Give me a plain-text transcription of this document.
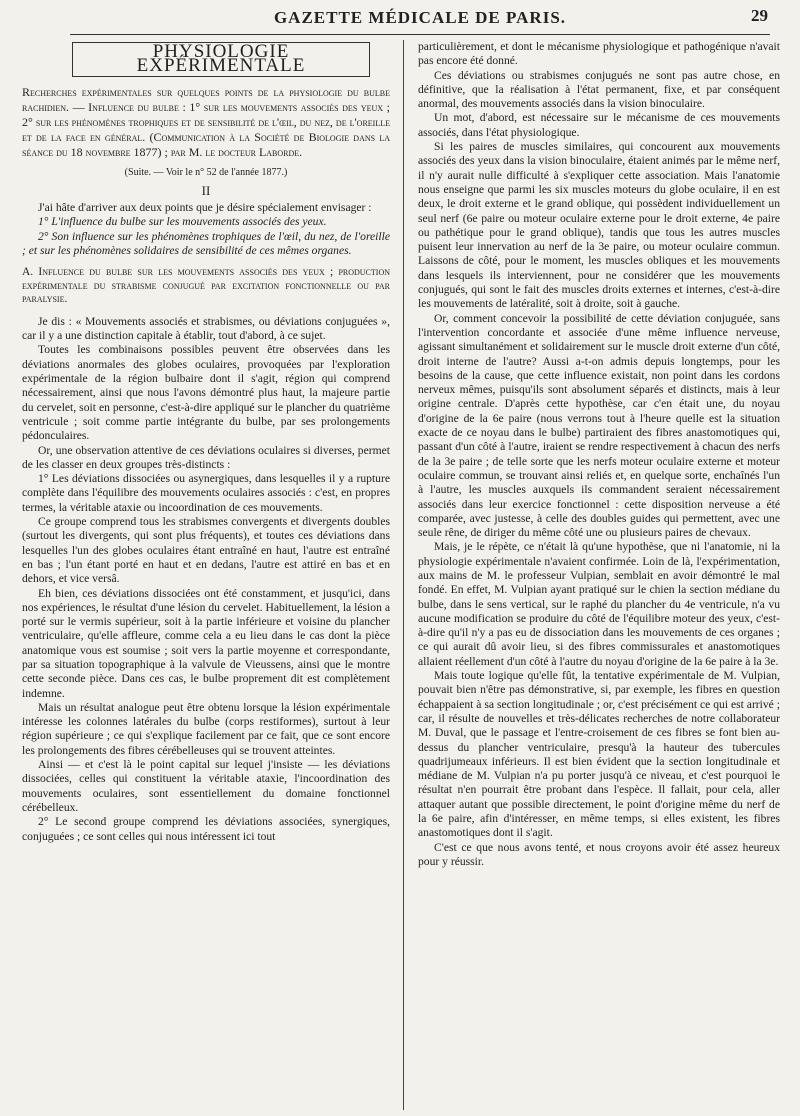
GAZETTE MÉDICALE DE PARIS.	29
PHYSIOLOGIE EXPÉRIMENTALE

Recherches expérimentales sur quelques points de la physiologie du bulbe rachidien. — Influence du bulbe : 1° sur les mouvements associés des yeux ; 2° sur les phénomènes trophiques et de sensibilité de l'œil, du nez, de l'oreille et de la face en général. (Communication à la Société de Biologie dans la séance du 18 novembre 1877) ; par M. le docteur Laborde.

(Suite. — Voir le n° 52 de l'année 1877.)

II

J'ai hâte d'arriver aux deux points que je désire spécialement envisager :

1° L'influence du bulbe sur les mouvements associés des yeux.

2° Son influence sur les phénomènes trophiques de l'œil, du nez, de l'oreille ; et sur les phénomènes solidaires de sensibilité de ces mêmes organes.

A. Influence du bulbe sur les mouvements associés des yeux ; production expérimentale du strabisme conjugué par excitation fonctionnelle ou par paralysie.

Je dis : « Mouvements associés et strabismes, ou déviations conjuguées », car il y a une distinction capitale à établir, tout d'abord, à ce sujet.

Toutes les combinaisons possibles peuvent être observées dans les déviations anormales des globes oculaires, provoquées par l'exploration expérimentale de la région bulbaire dont il s'agit, région qui comprend nécessairement, ainsi que nous l'avons démontré plus haut, la majeure partie du cervelet, soit en personne, c'est-à-dire appliqué sur le plancher du quatrième ventricule ; soit comme partie intégrante du bulbe, par ses prolongements pédonculaires.

Or, une observation attentive de ces déviations oculaires si diverses, permet de les classer en deux groupes très-distincts :

1° Les déviations dissociées ou asynergiques, dans lesquelles il y a rupture complète dans l'équilibre des mouvements oculaires associés : c'est, en propres termes, la véritable ataxie ou incoordination de ces mouvements.

Ce groupe comprend tous les strabismes convergents et divergents doubles (surtout les divergents, qui sont plus fréquents), et toutes ces déviations dans lesquelles l'un des globes oculaires étant entraîné en haut, l'autre est entraîné en bas ; l'un étant porté en haut et en dedans, l'autre est attiré en bas et en dehors, et vice versâ.

Eh bien, ces déviations dissociées ont été constamment, et jusqu'ici, dans nos expériences, le résultat d'une lésion du cervelet. Habituellement, la lésion a porté sur le vermis supérieur, soit à la partie inférieure et voisine du plancher ventriculaire, qu'elle affleure, comme cela a eu lieu dans le cas dont la pièce anatomique vous est soumise ; soit vers la partie moyenne et correspondante, par sa situation topographique à la valvule de Vieussens, ainsi que le montre cette seconde pièce. Dans ces cas, le bulbe proprement dit est complètement indemne.

Mais un résultat analogue peut être obtenu lorsque la lésion expérimentale intéresse les colonnes latérales du bulbe (corps restiformes), surtout à leur région supérieure ; ce qui s'explique facilement par ce fait, que ce sont encore les prolongements des fibres cérébelleuses qui se trouvent atteintes.

Ainsi — et c'est là le point capital sur lequel j'insiste — les déviations dissociées, celles qui constituent la véritable ataxie, l'incoordination des mouvements oculaires, sont essentiellement du domaine fonctionnel cérébelleux.

2° Le second groupe comprend les déviations associées, synergiques, conjuguées ; ce sont celles qui nous intéressent ici tout

particulièrement, et dont le mécanisme physiologique et pathogénique n'avait pas encore été donné.

Ces déviations ou strabismes conjugués ne sont pas autre chose, en définitive, que la réalisation à l'état permanent, fixe, et par conséquent anormal, des mouvements associés dans la vision binoculaire.

Un mot, d'abord, est nécessaire sur le mécanisme de ces mouvements associés, dans l'état physiologique.

Si les paires de muscles similaires, qui concourent aux mouvements associés des yeux dans la vision binoculaire, étaient animés par le même nerf, il n'y aurait nulle difficulté à s'expliquer cette association. Mais l'anatomie nous enseigne que parmi les six muscles moteurs du globe oculaire, il en est deux, le droit externe et le grand oblique, qui possèdent individuellement un seul nerf (6e paire ou moteur oculaire externe pour le droit externe, 4e paire ou pathétique pour le grand oblique), tandis que tous les autres muscles puisent leur innervation au nerf de la 3e paire, ou moteur oculaire commun. Laissons de côté, pour le moment, les muscles obliques et les mouvements dans lesquels ils interviennent, pour ne considérer que les mouvements conjugués, qui sont le fait des muscles droits externes et internes, c'est-à-dire les mouvements de latéralité, soit à droite, soit à gauche.

Or, comment concevoir la possibilité de cette déviation conjuguée, sans l'intervention concordante et associée d'une même influence nerveuse, agissant simultanément et solidairement sur le muscle droit externe d'un côté, droit interne de l'autre? Aussi a-t-on admis depuis longtemps, pour les besoins de la cause, que cette influence existait, non point dans les cordons nerveux mêmes, puisqu'ils sont absolument séparés et distincts, mais à leur origine centrale. D'après cette hypothèse, car c'en était une, du noyau d'origine de la 6e paire (nous verrons tout à l'heure quelle est la situation exacte de ce noyau dans le bulbe) partiraient des fibres anastomotiques qui, passant d'un côté à l'autre, iraient se rendre respectivement à chacun des nerfs de la 3e paire ; de telle sorte que les nerfs moteur oculaire externe et moteur oculaire commun, se trouvant ainsi reliés et, en quelque sorte, enchaînés l'un à l'autre, les muscles auxquels ils commandent seraient nécessairement associés dans leur exercice fonctionnel : cette disposition nerveuse a été comparée, avec justesse, à celle des doubles guides qui permettent, avec une seule rêne, de diriger du même côté une ou plusieurs paires de chevaux.

Mais, je le répète, ce n'était là qu'une hypothèse, que ni l'anatomie, ni la physiologie expérimentale n'avaient confirmée. Loin de là, l'expérimentation, aux mains de M. le professeur Vulpian, semblait en avoir démontré le mal fondé. En effet, M. Vulpian ayant pratiqué sur le chien la section médiane du bulbe, dans le sens vertical, sur le raphé du plancher du 4e ventricule, n'a vu aucune modification se produire du côté de l'équilibre moteur des yeux, c'est-à-dire qu'il n'y a pas eu de dissociation dans les mouvements de ces organes ; ce qui aurait dû avoir lieu, si des fibres commissurales et anastomotiques allaient réellement d'un côté à l'autre du noyau d'origine de la 6e paire à la 3e.

Mais toute logique qu'elle fût, la tentative expérimentale de M. Vulpian, pouvait bien n'être pas démonstrative, si, par exemple, les fibres en question échappaient à sa section longitudinale ; or, c'est précisément ce qui est arrivé ; car, il résulte de nouvelles et très-délicates recherches de notre collaborateur M. Duval, que le passage et l'entre-croisement de ces fibres se font bien au-dessus du plancher ventriculaire, presqu'à la hauteur des tubercules quadrijumeaux inférieurs. Il est bien évident que la section longitudinale et médiane de M. Vulpian n'a pu porter jusqu'à ce niveau, et c'est pourquoi le résultat n'en pourrait être probant dans l'espèce. Il fallait, pour cela, aller attaquer autant que possible directement, le point d'origine même du nerf de la 6e paire, afin d'intéresser, en même temps, si elles existent, les fibres anastomotiques dont il s'agit.

C'est ce que nous avons tenté, et nous croyons avoir été assez heureux pour y réussir.
